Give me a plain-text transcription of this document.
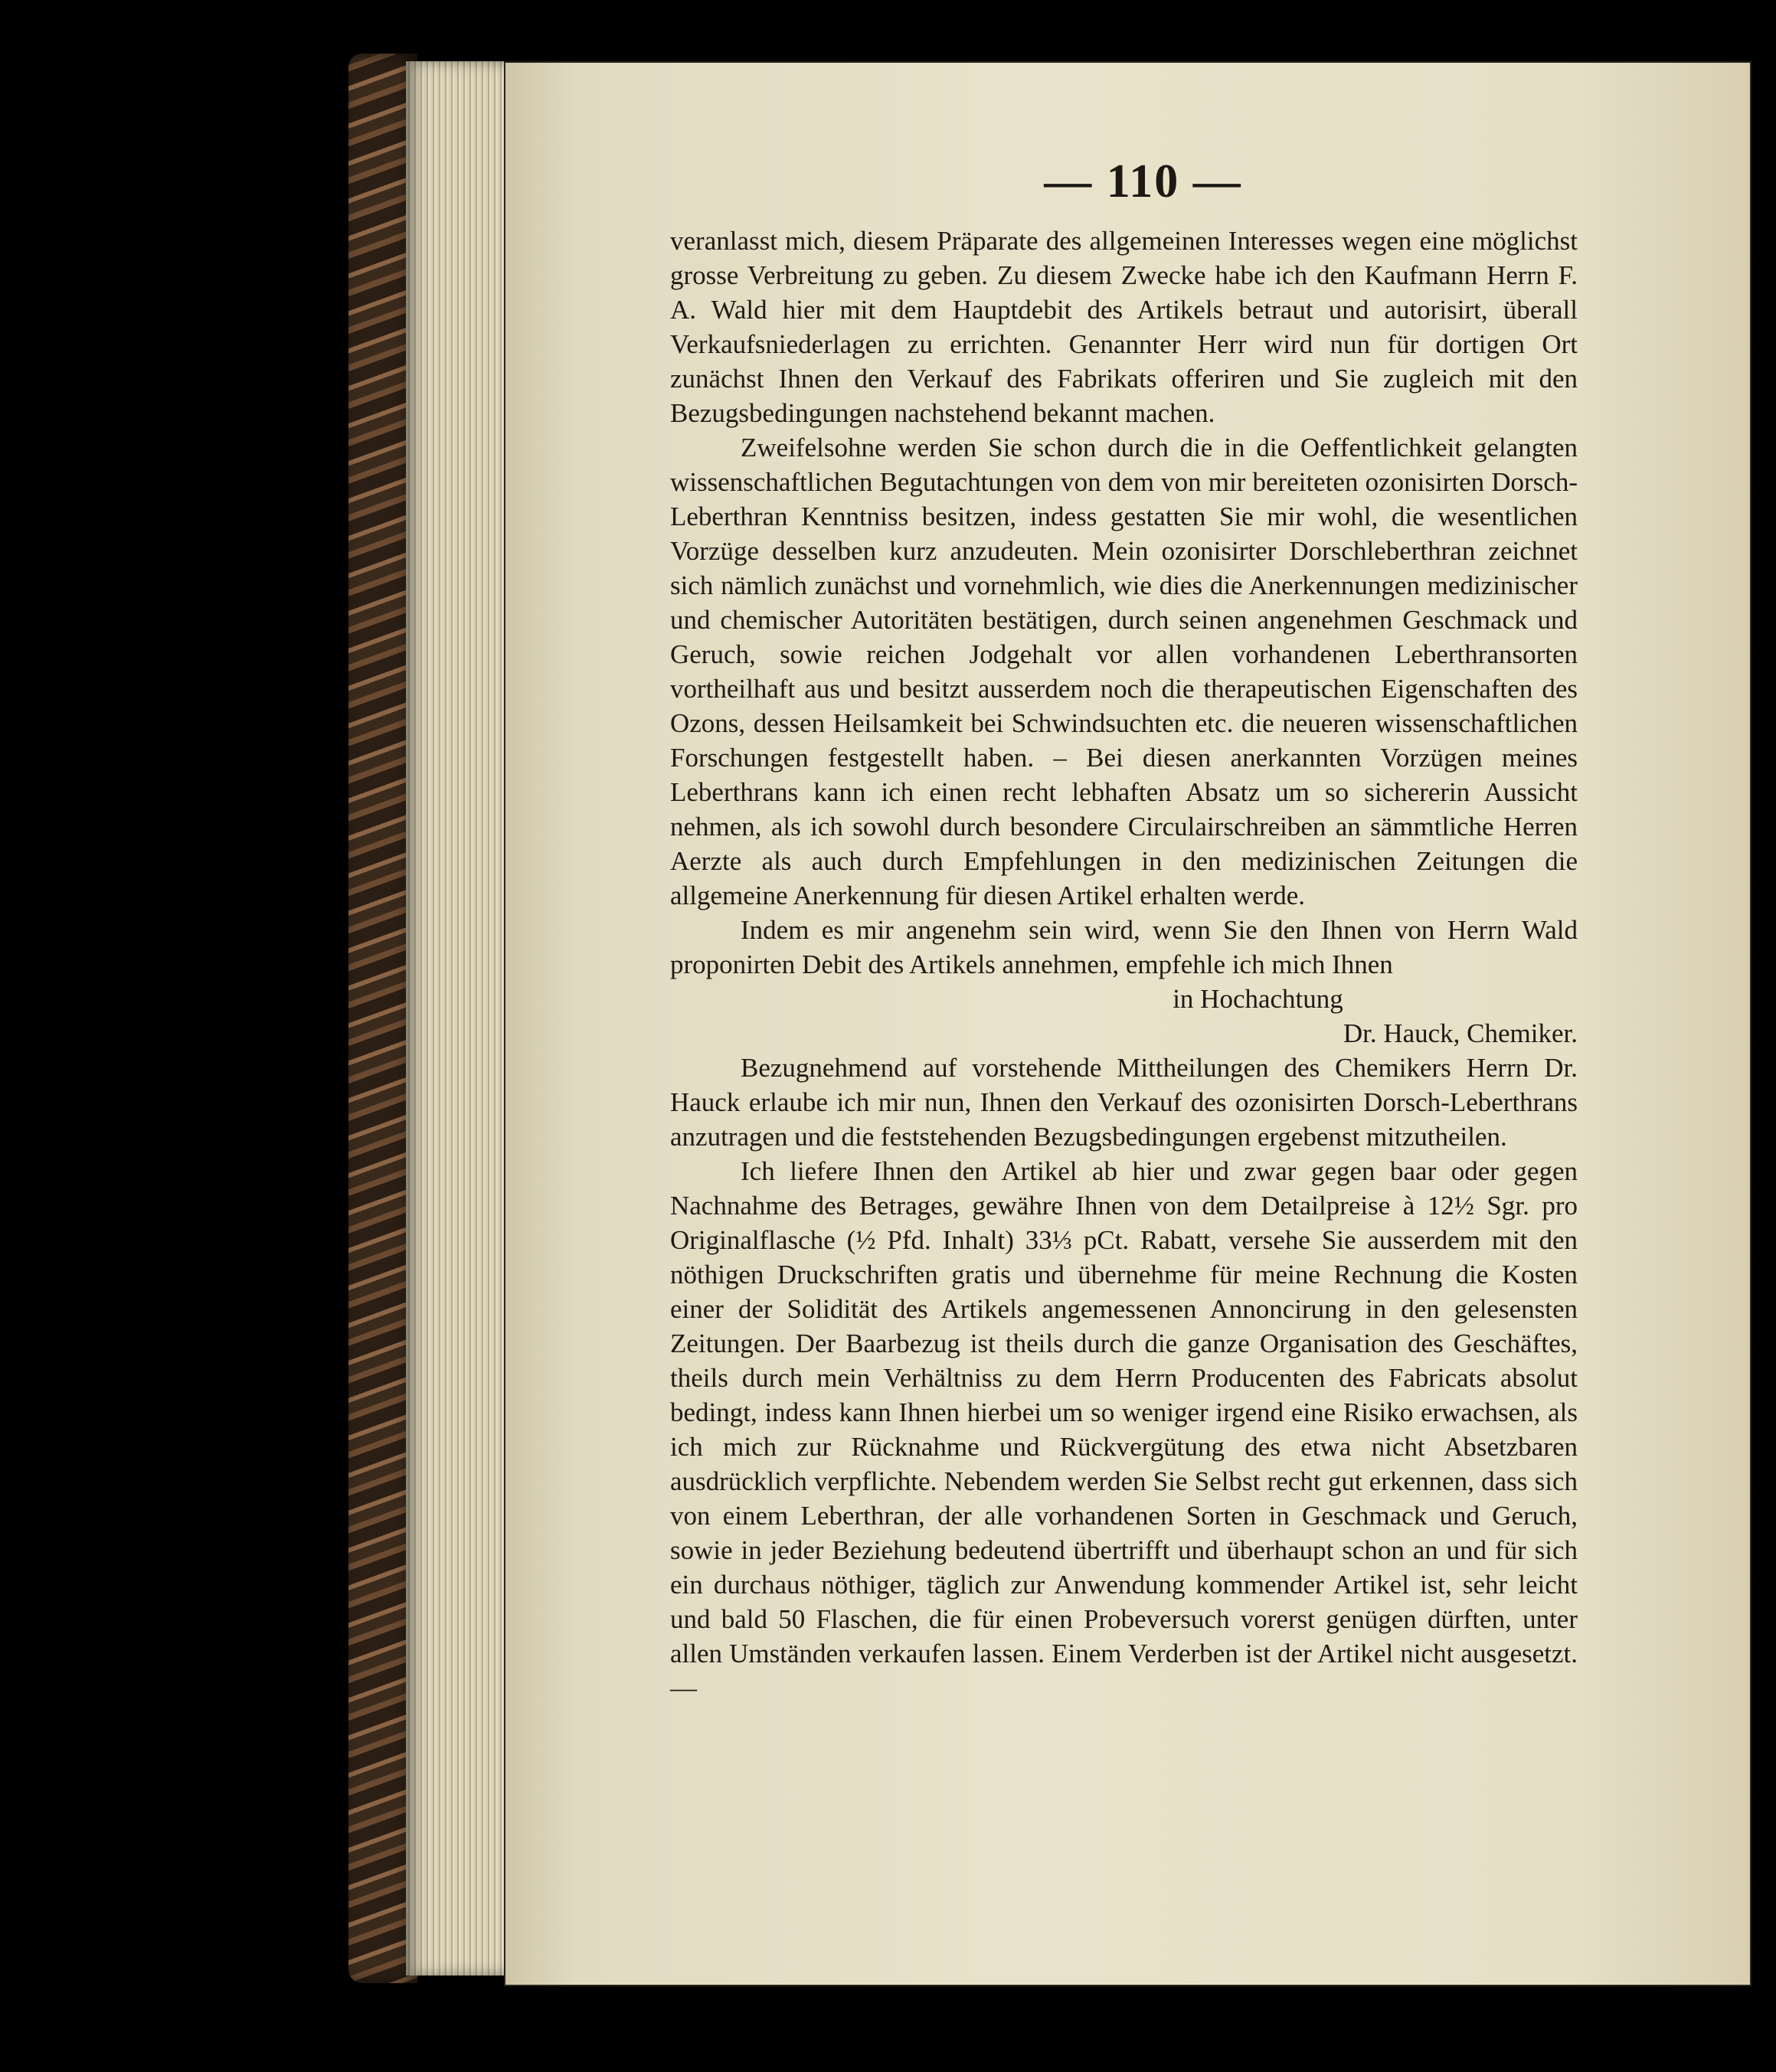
— 110 —

veranlasst mich, diesem Präparate des allgemeinen Interesses wegen eine möglichst grosse Verbreitung zu geben. Zu diesem Zwecke habe ich den Kaufmann Herrn F. A. Wald hier mit dem Hauptdebit des Artikels betraut und autorisirt, überall Verkaufsniederlagen zu errichten. Genannter Herr wird nun für dortigen Ort zunächst Ihnen den Verkauf des Fabrikats offeriren und Sie zugleich mit den Bezugsbedingungen nachstehend bekannt machen.

Zweifelsohne werden Sie schon durch die in die Oeffentlichkeit gelangten wissenschaftlichen Begutachtungen von dem von mir bereiteten ozonisirten Dorsch-Leberthran Kenntniss besitzen, indess gestatten Sie mir wohl, die wesentlichen Vorzüge desselben kurz anzudeuten. Mein ozonisirter Dorschleberthran zeichnet sich nämlich zunächst und vornehmlich, wie dies die Anerkennungen medizinischer und chemischer Autoritäten bestätigen, durch seinen angenehmen Geschmack und Geruch, sowie reichen Jodgehalt vor allen vorhandenen Leberthransorten vortheilhaft aus und besitzt ausserdem noch die therapeutischen Eigenschaften des Ozons, dessen Heilsamkeit bei Schwindsuchten etc. die neueren wissenschaftlichen Forschungen festgestellt haben. – Bei diesen anerkannten Vorzügen meines Leberthrans kann ich einen recht lebhaften Absatz um so sichererin Aussicht nehmen, als ich sowohl durch besondere Circulairschreiben an sämmtliche Herren Aerzte als auch durch Empfehlungen in den medizinischen Zeitungen die allgemeine Anerkennung für diesen Artikel erhalten werde.

Indem es mir angenehm sein wird, wenn Sie den Ihnen von Herrn Wald proponirten Debit des Artikels annehmen, empfehle ich mich Ihnen

in Hochachtung

Dr. Hauck, Chemiker.

Bezugnehmend auf vorstehende Mittheilungen des Chemikers Herrn Dr. Hauck erlaube ich mir nun, Ihnen den Verkauf des ozonisirten Dorsch-Leberthrans anzutragen und die feststehenden Bezugsbedingungen ergebenst mitzutheilen.

Ich liefere Ihnen den Artikel ab hier und zwar gegen baar oder gegen Nachnahme des Betrages, gewähre Ihnen von dem Detailpreise à 12½ Sgr. pro Originalflasche (½ Pfd. Inhalt) 33⅓ pCt. Rabatt, versehe Sie ausserdem mit den nöthigen Druckschriften gratis und übernehme für meine Rechnung die Kosten einer der Solidität des Artikels angemessenen Annoncirung in den gelesensten Zeitungen. Der Baarbezug ist theils durch die ganze Organisation des Geschäftes, theils durch mein Verhältniss zu dem Herrn Producenten des Fabricats absolut bedingt, indess kann Ihnen hierbei um so weniger irgend eine Risiko erwachsen, als ich mich zur Rücknahme und Rückvergütung des etwa nicht Absetzbaren ausdrücklich verpflichte. Nebendem werden Sie Selbst recht gut erkennen, dass sich von einem Leberthran, der alle vorhandenen Sorten in Geschmack und Geruch, sowie in jeder Beziehung bedeutend übertrifft und überhaupt schon an und für sich ein durchaus nöthiger, täglich zur Anwendung kommender Artikel ist, sehr leicht und bald 50 Flaschen, die für einen Probeversuch vorerst genügen dürften, unter allen Umständen verkaufen lassen. Einem Verderben ist der Artikel nicht ausgesetzt. —
